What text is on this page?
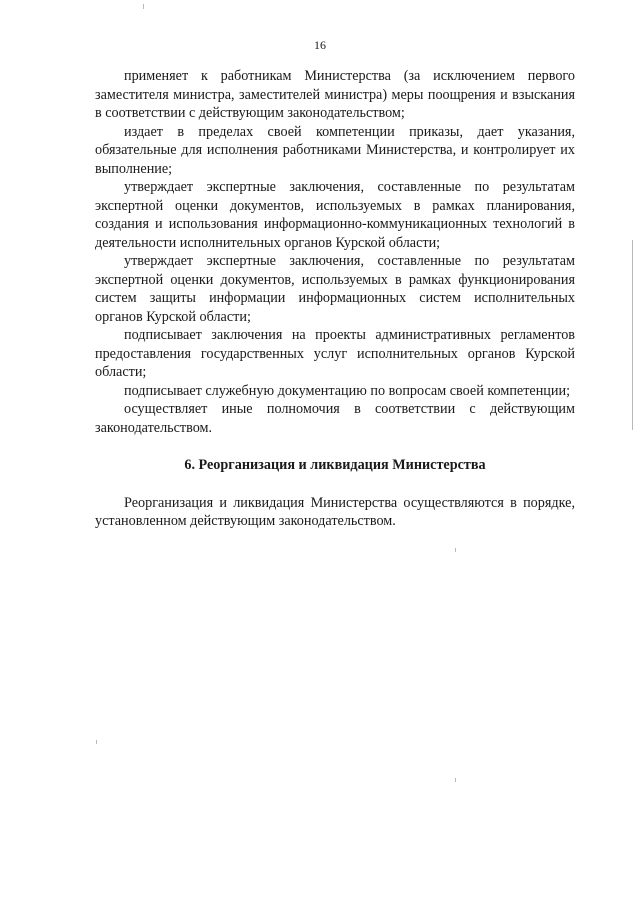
16

применяет к работникам Министерства (за исключением первого заместителя министра, заместителей министра) меры поощрения и взыскания в соответствии с действующим законодательством;

издает в пределах своей компетенции приказы, дает указания, обязательные для исполнения работниками Министерства, и контролирует их выполнение;

утверждает экспертные заключения, составленные по результатам экспертной оценки документов, используемых в рамках планирования, создания и использования информационно-коммуникационных технологий в деятельности исполнительных органов Курской области;

утверждает экспертные заключения, составленные по результатам экспертной оценки документов, используемых в рамках функционирования систем защиты информации информационных систем исполнительных органов Курской области;

подписывает заключения на проекты административных регламентов предоставления государственных услуг исполнительных органов Курской области;

подписывает служебную документацию по вопросам своей компетенции;

осуществляет иные полномочия в соответствии с действующим законодательством.

6. Реорганизация и ликвидация Министерства

Реорганизация и ликвидация Министерства осуществляются в порядке, установленном действующим законодательством.
